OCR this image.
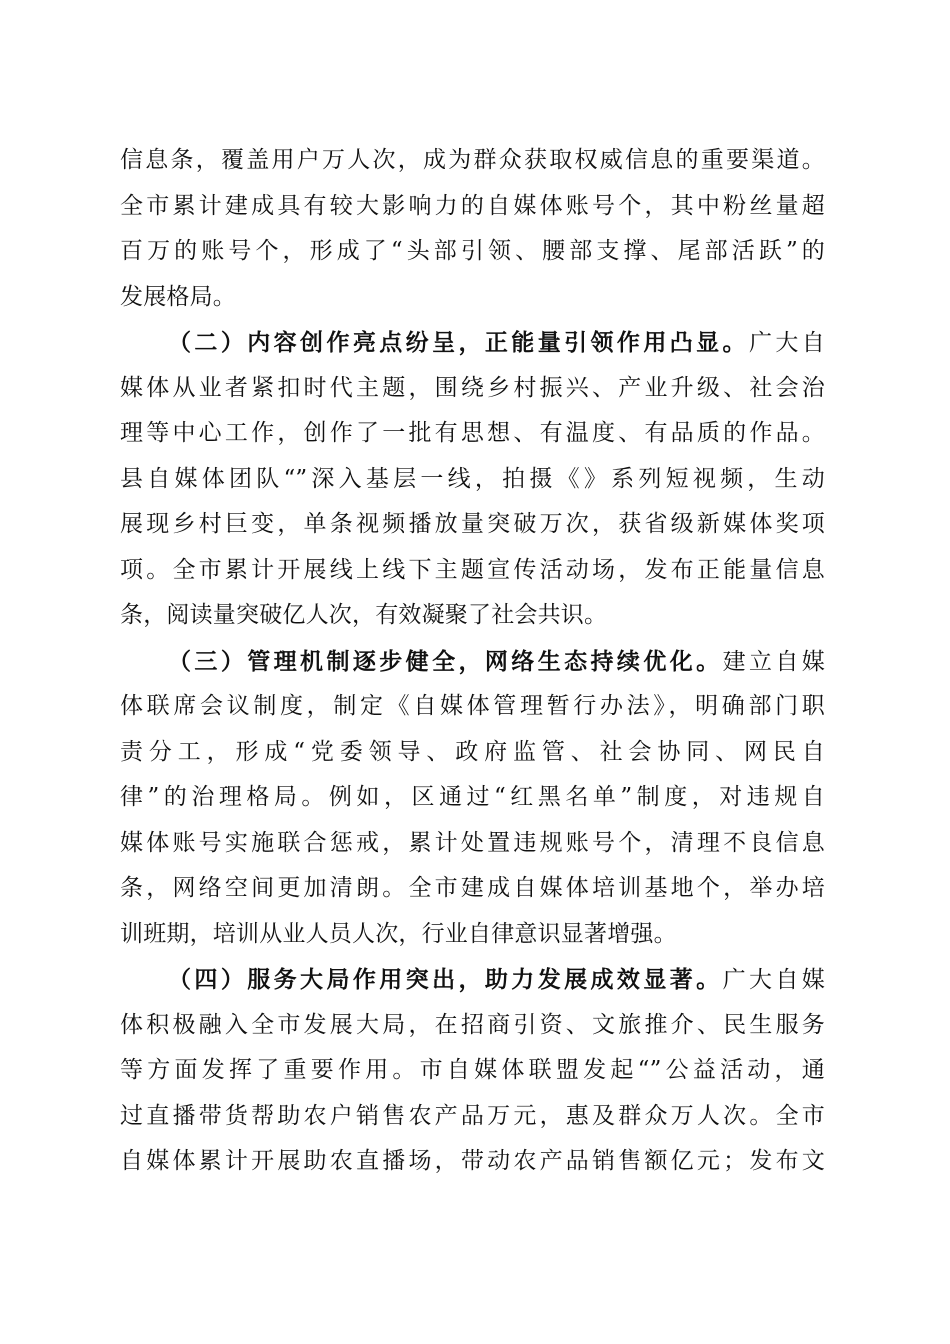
信息条，覆盖用户万人次，成为群众获取权威信息的重要渠道。
全市累计建成具有较大影响力的自媒体账号个，其中粉丝量超
百万的账号个，形成了“头部引领、腰部支撑、尾部活跃”的
发展格局。
（二）内容创作亮点纷呈，正能量引领作用凸显。广大自
媒体从业者紧扣时代主题，围绕乡村振兴、产业升级、社会治
理等中心工作，创作了一批有思想、有温度、有品质的作品。
县自媒体团队“”深入基层一线，拍摄《》系列短视频，生动
展现乡村巨变，单条视频播放量突破万次，获省级新媒体奖项
项。全市累计开展线上线下主题宣传活动场，发布正能量信息
条，阅读量突破亿人次，有效凝聚了社会共识。
（三）管理机制逐步健全，网络生态持续优化。建立自媒
体联席会议制度，制定《自媒体管理暂行办法》，明确部门职
责分工，形成“党委领导、政府监管、社会协同、网民自
律”的治理格局。例如，区通过“红黑名单”制度，对违规自
媒体账号实施联合惩戒，累计处置违规账号个，清理不良信息
条，网络空间更加清朗。全市建成自媒体培训基地个，举办培
训班期，培训从业人员人次，行业自律意识显著增强。
（四）服务大局作用突出，助力发展成效显著。广大自媒
体积极融入全市发展大局，在招商引资、文旅推介、民生服务
等方面发挥了重要作用。市自媒体联盟发起“”公益活动，通
过直播带货帮助农户销售农产品万元，惠及群众万人次。全市
自媒体累计开展助农直播场，带动农产品销售额亿元；发布文
